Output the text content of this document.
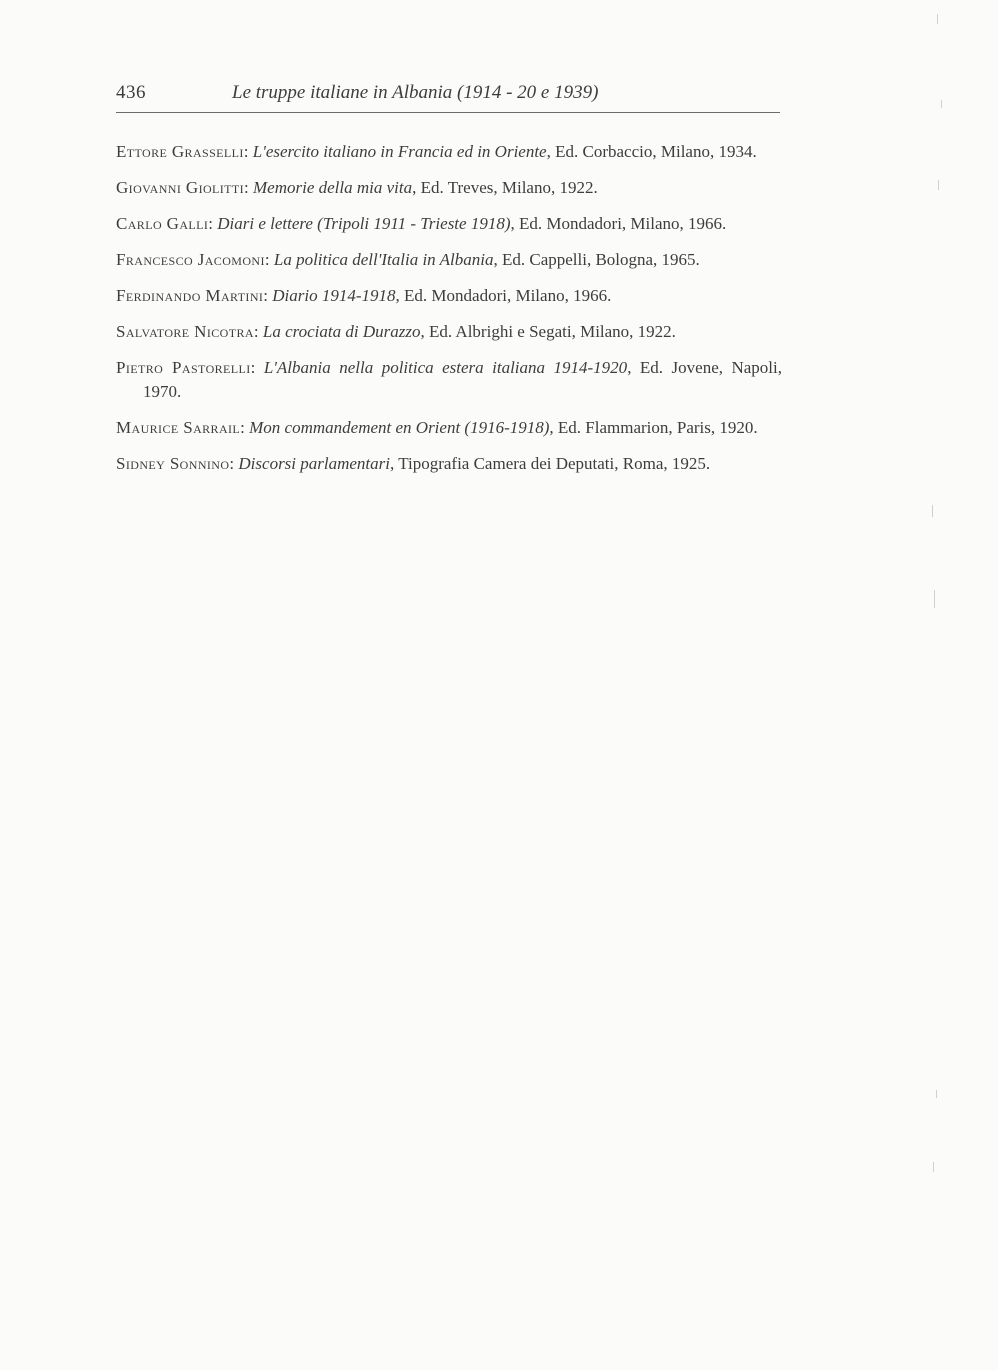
436	Le truppe italiane in Albania (1914 - 20 e 1939)

Ettore Grasselli: L'esercito italiano in Francia ed in Oriente, Ed. Corbaccio, Milano, 1934.

Giovanni Giolitti: Memorie della mia vita, Ed. Treves, Milano, 1922.

Carlo Galli: Diari e lettere (Tripoli 1911 - Trieste 1918), Ed. Mondadori, Milano, 1966.

Francesco Jacomoni: La politica dell'Italia in Albania, Ed. Cappelli, Bologna, 1965.

Ferdinando Martini: Diario 1914-1918, Ed. Mondadori, Milano, 1966.

Salvatore Nicotra: La crociata di Durazzo, Ed. Albrighi e Segati, Milano, 1922.

Pietro Pastorelli: L'Albania nella politica estera italiana 1914-1920, Ed. Jovene, Napoli, 1970.

Maurice Sarrail: Mon commandement en Orient (1916-1918), Ed. Flammarion, Paris, 1920.

Sidney Sonnino: Discorsi parlamentari, Tipografia Camera dei Deputati, Roma, 1925.
